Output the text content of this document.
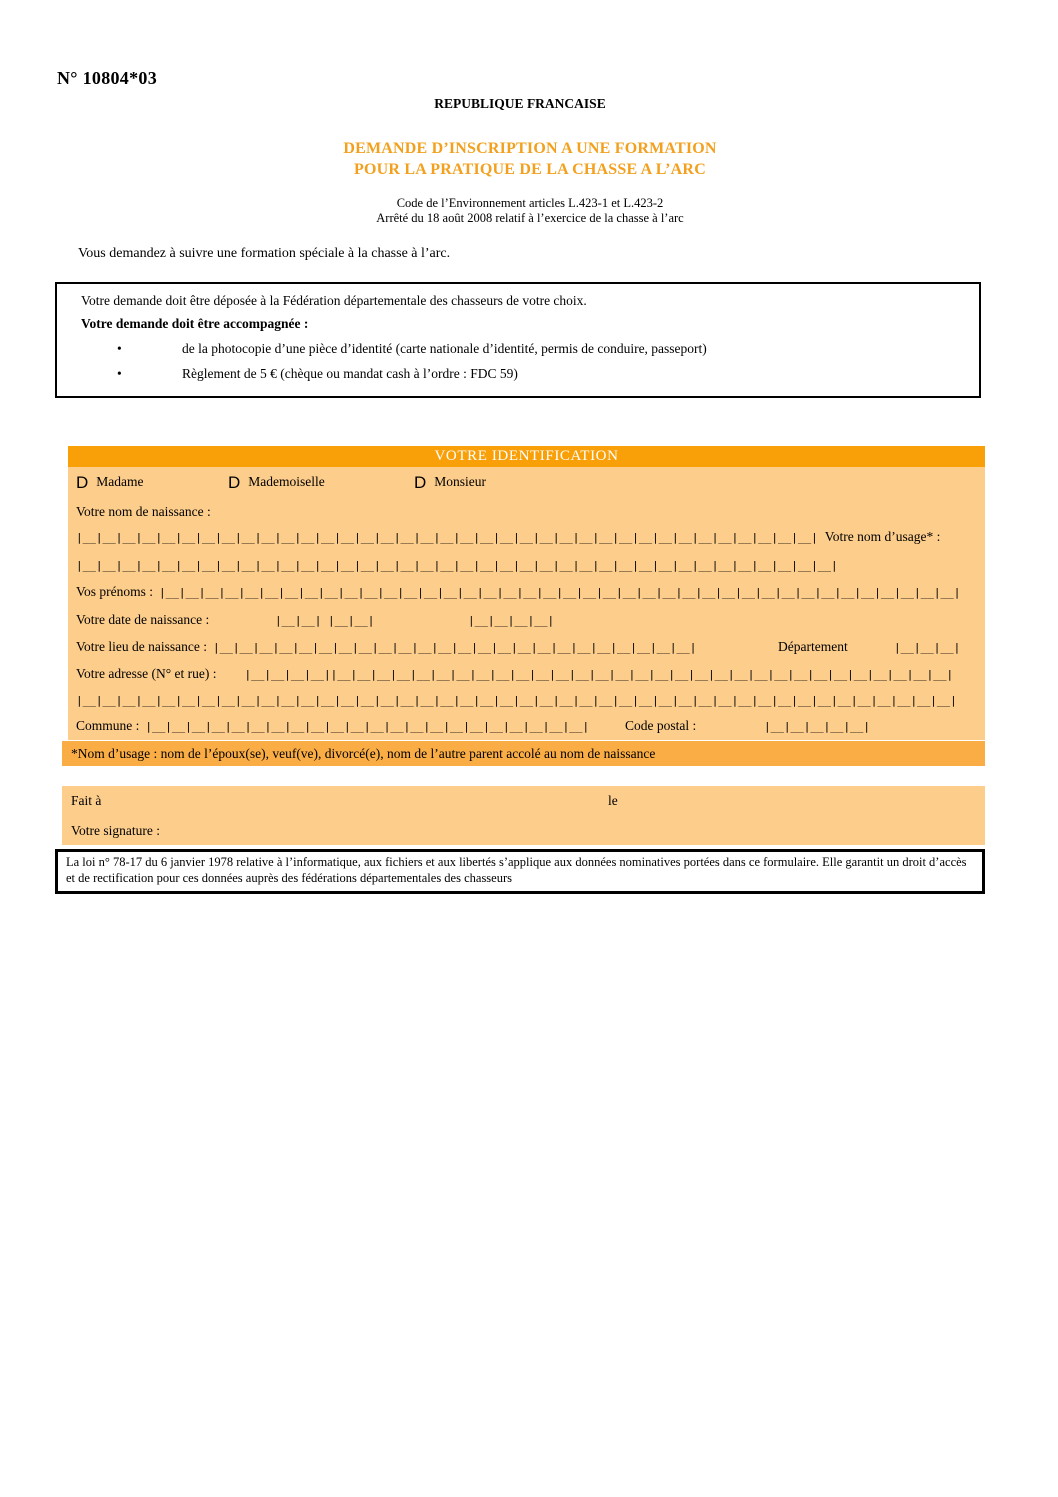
N° 10804*03
REPUBLIQUE FRANCAISE
DEMANDE D’INSCRIPTION A UNE FORMATION
POUR LA PRATIQUE DE LA CHASSE A L’ARC
Code de l’Environnement articles L.423-1 et L.423-2
Arrêté du 18 août 2008 relatif à l’exercice de la chasse à l’arc
Vous demandez à suivre une formation spéciale à la chasse à l’arc.
Votre demande doit être déposée à la Fédération départementale des chasseurs de votre choix.
Votre demande doit être accompagnée :
•	de la photocopie d’une pièce d’identité (carte nationale d’identité, permis de conduire, passeport)
•	Règlement de 5 € (chèque ou mandat cash à l’ordre : FDC 59)
VOTRE IDENTIFICATION
D Madame	D Mademoiselle	D Monsieur
Votre nom de naissance :
|__|__|__|__|__|__|__|__|__|__|__|__|__|__|__|__|__|__|__|__|__|__|__|__|__|__|__|__|__|__|__|__|__|__|__|__|__| Votre nom d’usage* :
|__|__|__|__|__|__|__|__|__|__|__|__|__|__|__|__|__|__|__|__|__|__|__|__|__|__|__|__|__|__|__|__|__|__|__|__|__|__|
Vos prénoms : |__|__|__|__|__|__|__|__|__|__|__|__|__|__|__|__|__|__|__|__|__|__|__|__|__|__|__|__|__|__|__|__|__|__|__|__|__|__|__|__|
Votre date de naissance :	|__|__| |__|__|	|__|__|__|__|
Votre lieu de naissance : |__|__|__|__|__|__|__|__|__|__|__|__|__|__|__|__|__|__|__|__|__|__|__|__|	Département	|__|__|__|
Votre adresse (N° et rue) :	|__|__|__|__| |__|__|__|__|__|__|__|__|__|__|__|__|__|__|__|__|__|__|__|__|__|__|__|__|__|__|__|__|__|__|__|
|__|__|__|__|__|__|__|__|__|__|__|__|__|__|__|__|__|__|__|__|__|__|__|__|__|__|__|__|__|__|__|__|__|__|__|__|__|__|__|__|__|__|__|__|
Commune : |__|__|__|__|__|__|__|__|__|__|__|__|__|__|__|__|__|__|__|__|__|__|	Code postal :	|__|__|__|__|__|
*Nom d’usage : nom de l’époux(se), veuf(ve), divorcé(e), nom de l’autre parent accolé au nom de naissance
Fait à	le
Votre signature :
La loi n° 78-17 du 6 janvier 1978 relative à l’informatique, aux fichiers et aux libertés s’applique aux données nominatives portées dans ce formulaire. Elle garantit un droit d’accès et de rectification pour ces données auprès des fédérations départementales des chasseurs
